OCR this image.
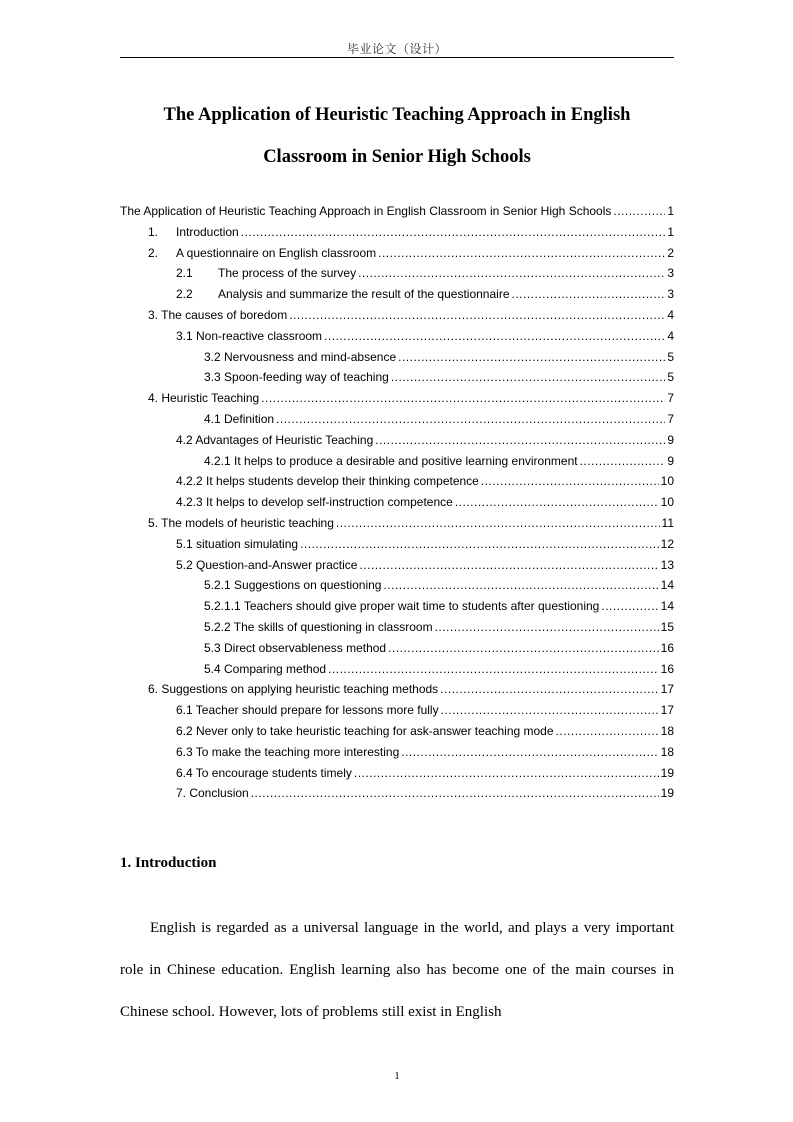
毕业论文（设计）
The Application of Heuristic Teaching Approach in English
Classroom in Senior High Schools
The Application of Heuristic Teaching Approach in English Classroom in Senior High Schools .....	1
1.	Introduction .....	1
2.	A questionnaire on English classroom .....	2
2.1	The process of the survey .....	3
2.2	Analysis and summarize the result of the questionnaire .....	3
3. The causes of boredom .....	4
3.1 Non-reactive classroom .....	4
3.2 Nervousness and mind-absence .....	5
3.3 Spoon-feeding way of teaching .....	5
4. Heuristic Teaching .....	7
4.1 Definition .....	7
4.2 Advantages of Heuristic Teaching .....	9
4.2.1 It helps to produce a desirable and positive learning environment .....	9
4.2.2 It helps students develop their thinking competence .....	10
4.2.3 It helps to develop self-instruction competence .....	10
5. The models of heuristic teaching .....	11
5.1 situation simulating .....	12
5.2 Question-and-Answer practice .....	13
5.2.1 Suggestions on questioning .....	14
5.2.1.1 Teachers should give proper wait time to students after questioning .....	14
5.2.2 The skills of questioning in classroom .....	15
5.3 Direct observableness method .....	16
5.4 Comparing method .....	16
6. Suggestions on applying heuristic teaching methods .....	17
6.1 Teacher should prepare for lessons more fully .....	17
6.2 Never only to take heuristic teaching for ask-answer teaching mode .....	18
6.3 To make the teaching more interesting .....	18
6.4 To encourage students timely .....	19
7. Conclusion .....	19
1. Introduction
English is regarded as a universal language in the world, and plays a very important role in Chinese education. English learning also has become one of the main courses in Chinese school. However, lots of problems still exist in English
1
